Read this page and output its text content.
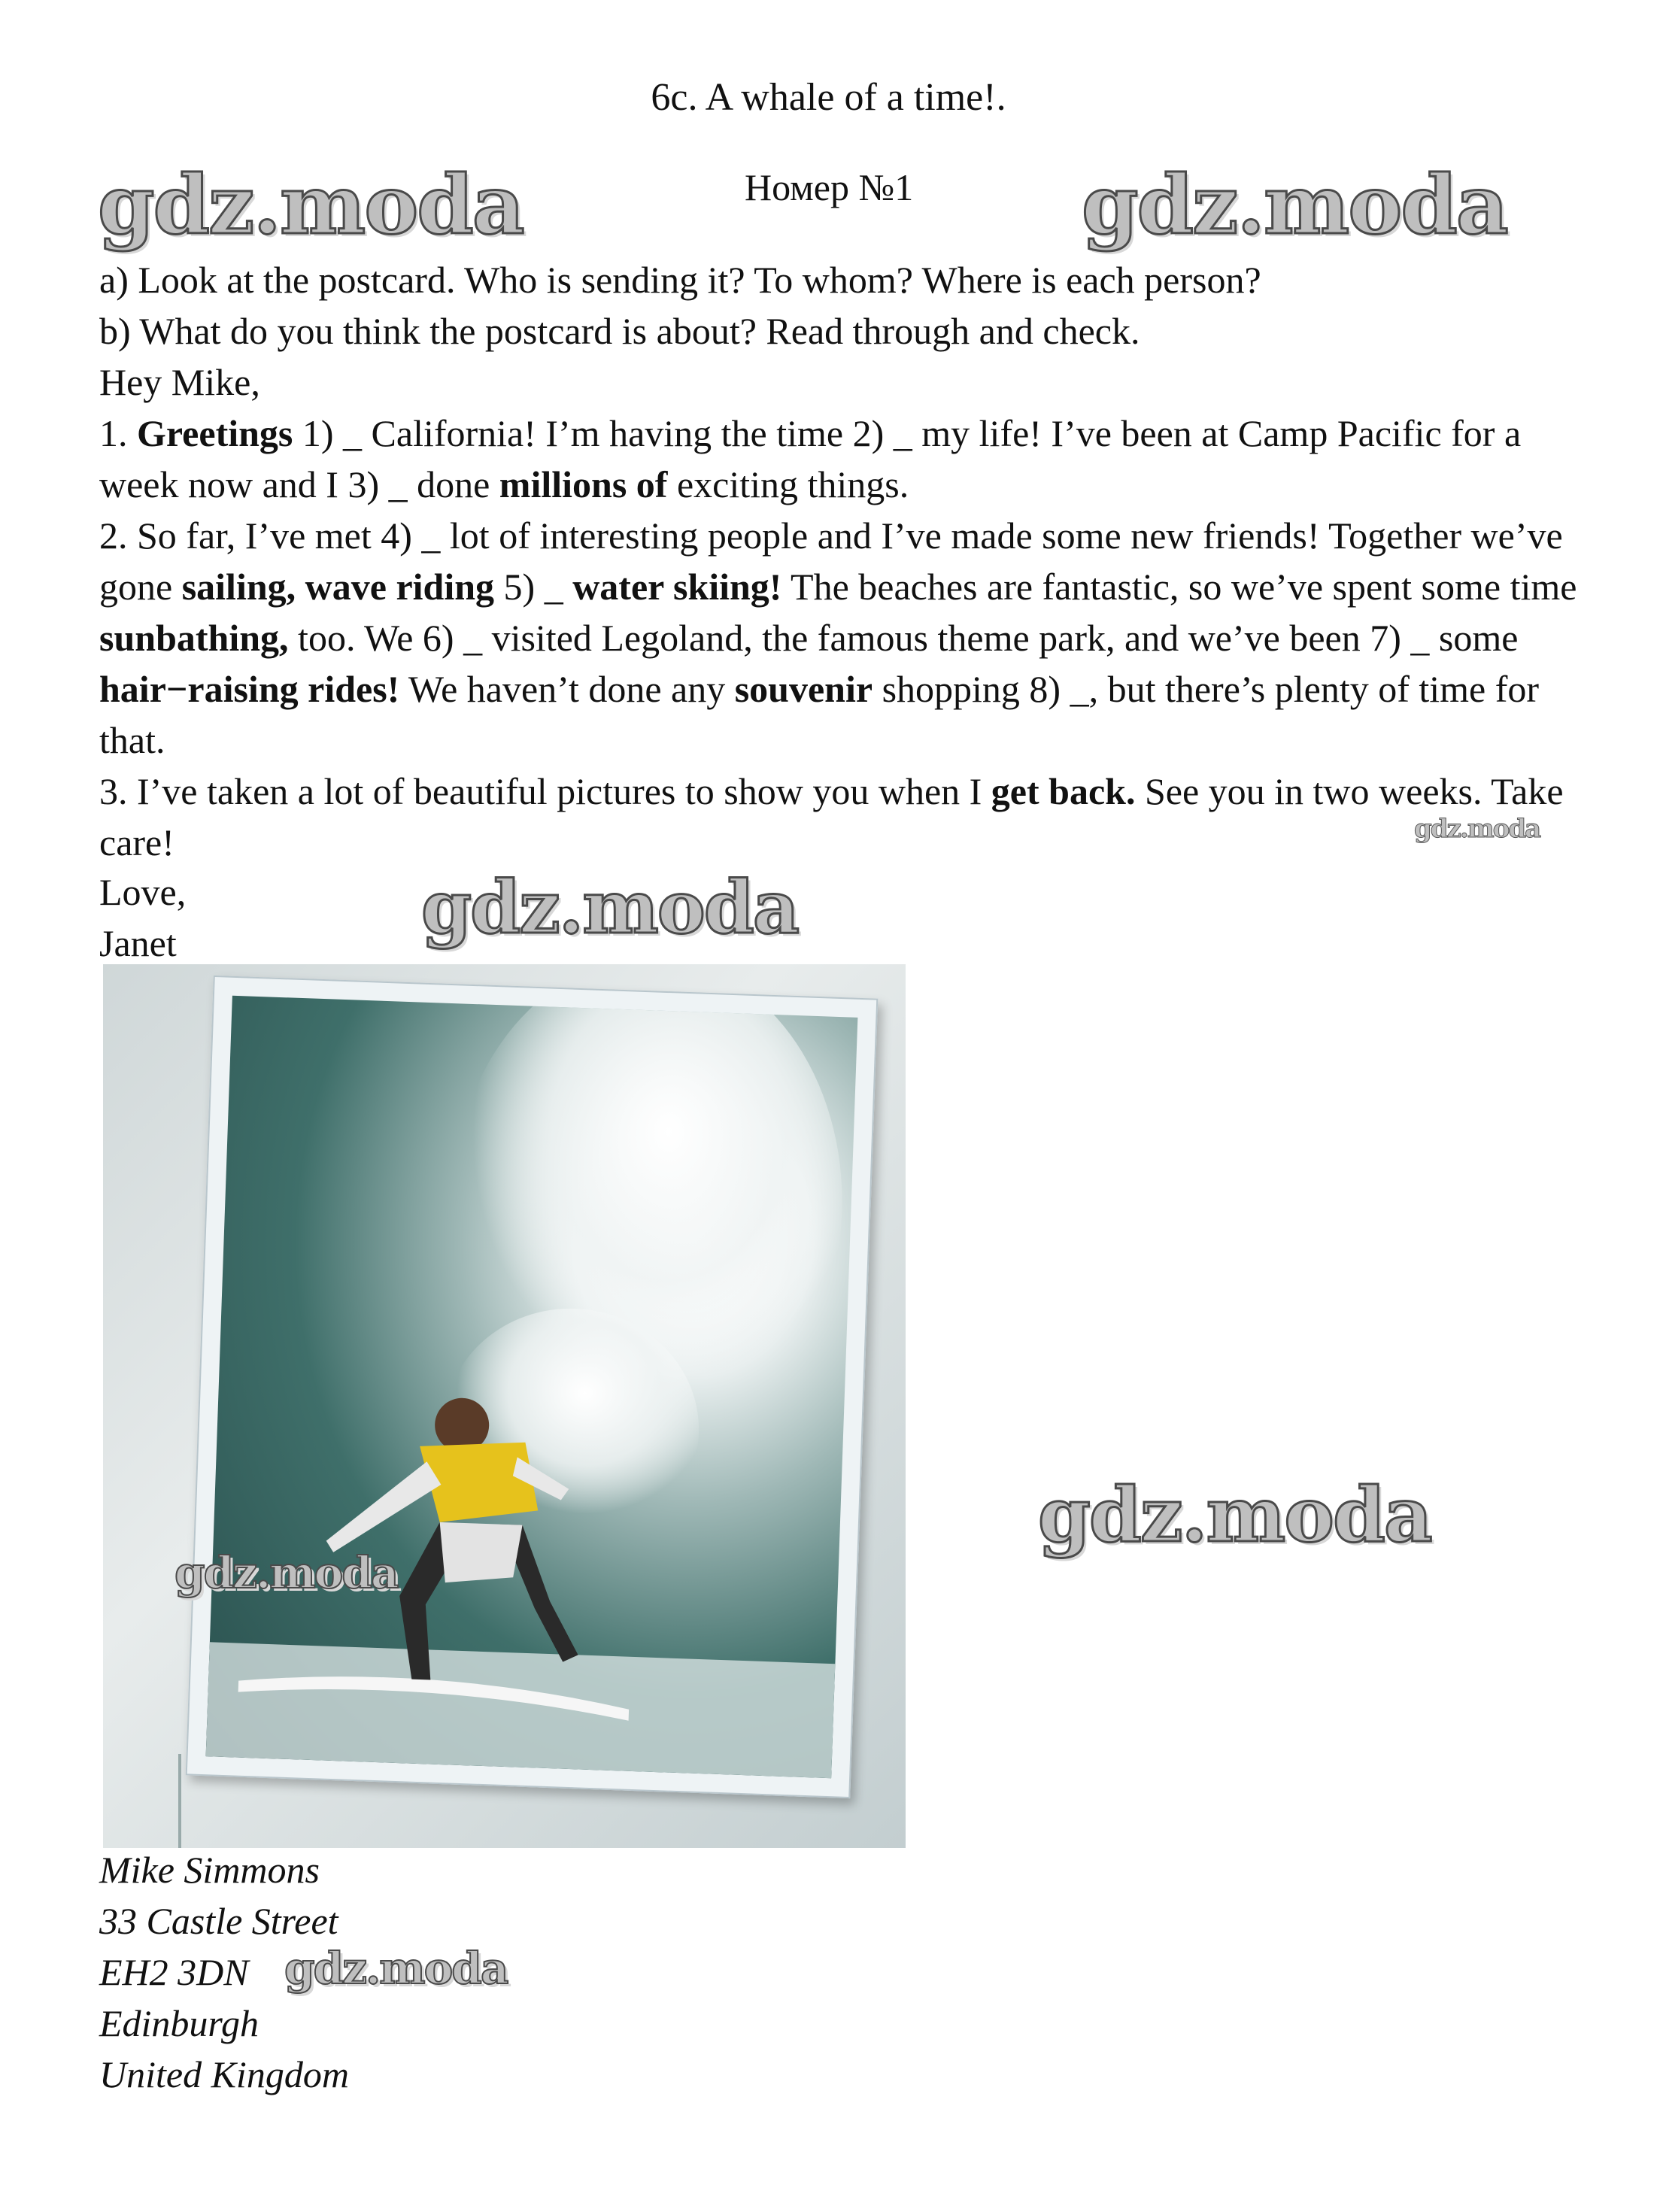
6c. A whale of a time!.
Номер №1
gdz.moda	gdz.moda

a) Look at the postcard. Who is sending it? To whom? Where is each person?

b) What do you think the postcard is about? Read through and check.

Hey Mike,

1. Greetings 1) _ California! I’m having the time 2) _ my life! I’ve been at Camp Pacific for a week now and I 3) _ done millions of exciting things.

2. So far, I’ve met 4) _ lot of interesting people and I’ve made some new friends! Together we’ve gone sailing, wave riding 5) _ water skiing! The beaches are fantastic, so we’ve spent some time sunbathing, too. We 6) _ visited Legoland, the famous theme park, and we’ve been 7) _ some hair−raising rides! We haven’t done any souvenir shopping 8) _, but there’s plenty of time for that.

3. I’ve taken a lot of beautiful pictures to show you when I get back. See you in two weeks. Take care!	gdz.moda

Love,

Janet	gdz.moda
gdz.moda
gdz.moda

Mike Simmons

33 Castle Street

EH2 3DN

Edinburgh

United Kingdom

gdz.moda
